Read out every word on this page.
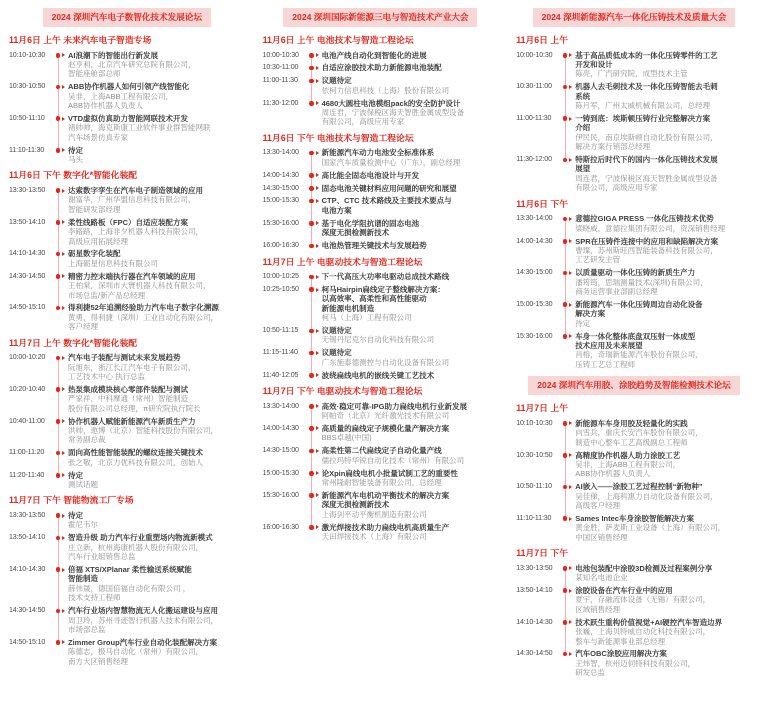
2024 深圳汽车电子数智化技术发展论坛
11月6日 上午 未来汽车电子智造专场
10:10-10:30	AI浪潮下的智能出行新发展
赵亨利，北京汽车研究总院有限公司，
智能座舱部总师
10:30-10:50	ABB协作机器人如何引领产线智能化
吴非，上海ABB工程有限公司，
ABB协作机器人负责人
10:50-11:10	VTD虚拟仿真助力智能网联技术开发
褚帅帅，海克斯康工业软件事业群智能网联
汽车场景仿真专家
11:10-11:30	待定
马头
11月6日 下午 数字化*智能化装配
13:30-13:50	达索数字孪生在汽车电子制造领域的应用
谢富华，广州华盟信息科技有限公司，
智能研发部经理
13:50-14:10	柔性线路板（FPC）自适应装配方案
李路路，上海非夕机器人科技有限公司，
高级应用拓展经理
14:10-14:30	砺星数字化装配
上海砺星信息科技有限公司
14:30-14:50	精密力控末端执行器在汽车领域的应用
王柏棠，深圳市大寰机器人科技有限公司，
市场总监/新产品总经理
14:50-15:10	得利捷52年追溯经验助力汽车电子数字化溯源
黄勇，得利捷（深圳）工业自动化有限公司，
客户经理
11月7日 上午 数字化*智能化装配
10:00-10:20	汽车电子装配与测试未来发展趋势
阮旭东，浙江长江汽车电子有限公司，
工艺技术中心 执行总监
10:20-10:40	热泵集成模块核心零部件装配与测试
严家祥，中科摩通（常州）智能制造
股份有限公司总经理，π研究院执行院长
10:40-11:00	协作机器人赋能新能源汽车新质生产力
洪帅，遨博（北京）智能科技股份有限公司，
常务副总裁
11:00-11:20	面向高性能智能装配的螺纹连接关键技术
张之敬，北京力优科技有限公司，创始人
11:20-11:40	待定
测试话题
11月7日 下午 智能物流工厂专场
13:30-13:50	待定
霍尼韦尔
13:50-14:10	智造升级 助力汽车行业重塑场内物流新模式
庄立新，杭州海康机器人股份有限公司，
汽车行业组销售总监
14:10-14:30	倍福 XTS/XPlanar 柔性输送系统赋能
智能制造
薛伟晟，德国倍福自动化有限公司 ，
技术支持工程师
14:30-14:50	汽车行业场内智慧物流无人化搬运建设与应用
周卫玲，苏州寻迹智行机器人技术有限公司，
市场部总监
14:50-15:10	Zimmer Group汽车行业自动化装配解决方案
陈德志，极马自动化（常州）有限公司，
南方大区销售经理
2024 深圳国际新能源三电与智造技术产业大会
11月6日 上午 电池技术与智造工程论坛
10:00-10:30	电池产线自动化到智能化的进展
10:30-11:00	自适应涂胶技术助力新能源电池装配
11:00-11:30	议题待定
依柯力信息科技（上海）股份有限公司
11:30-12:00	4680大圆柱电池模组pack的安全防护设计
周连君，宁波保税区海天智胜金属成型设备
有限公司，高级应用专家
11月6日 下午 电池技术与智造工程论坛
13:30-14:00	新能源汽车动力电池安全标准体系
国家汽车质量检测中心（广东），副总经理
14:00-14:30	高比能全固态电池设计与开发
14:30-15:00	固态电池关键材料应用问题的研究和展望
15:00-15:30	CTP、CTC 技术路线及主要技术要点与
电池方案
15:30-16:00	基于电化学阻抗谱的固态电池
深度无损检测新技术
16:00-16:30	电池热管理关键技术与发展趋势
11月7日 上午 电驱动技术与智造工程论坛
10:00-10:25	下一代高压大功率电驱动总成技术路线
10:25-10:50	柯马Hairpin扁线定子整线解决方案：
以高效率、高柔性和高性能驱动
新能源电机制造
柯马（上海）工程有限公司
10:50-11:15	议题待定
无锡丹尼克尔自动化科技有限公司
11:15-11:40	议题待定
广东施泰德测控与自动化设备有限公司
11:40-12:05	波绕扁线电机的嵌线关键工艺技术
11月7日 下午 电驱动技术与智造工程论坛
13:30-14:00	高效·稳定可靠-IPG助力扁线电机行业新发展
阿帕奇（北京）光纤激光技术有限公司
14:00-14:30	高质量的扁线定子规模化量产解决方案
BBS卓越(中国)
14:30-15:00	高柔性第二代扁线定子自动化量产线
儒拉玛特华锐自动化技术（常州）有限公司
15:00-15:30	论Xpin扁线电机小批量试制工艺的重要性
常州隆耐智能装备有限公司，总经理
15:30-16:00	新能源汽车电机动平衡技术的解决方案
深度无损检测新技术
上海剑平动平衡机制造有限公司
16:00-16:30	激光焊接技术助力扁线电机高质量生产
天田焊接技术（上海）有限公司
2024 深圳新能源汽车一体化压铸技术及质量大会
11月6日 上午
10:00-10:30	基于高品质低成本的一体化压铸零件的工艺
开发和设计
陈亮，广汽研究院，成型技术主管
10:30-11:00	机器人去毛刺技术及一体化压铸智能去毛刺
系统
陈月军，广州太威机械有限公司，总经理
11:00-11:30	一铸到底：埃斯顿压铸行业完整解决方案
介绍
伊民民，南京埃斯顿自动化股份有限公司，
解决方案行销部总经理
11:30-12:00	特斯拉后时代下的国内一体化压铸技术发展
展望
周连君，宁波保税区海天智胜金属成型设备
有限公司，高级应用专家
11月6日 下午
13:30-14:00	意德拉GIGA PRESS 一体化压铸技术优势
梁晓威，意德拉集团有限公司，资深销售经理
14:00-14:30	SPR在压铸件连接中的应用和缺陷解决方案
曹璨，苏州斯旺西智能装备科技有限公司，
工艺研发主管
14:30-15:00	以质量驱动一体化压铸的新质生产力
潘筠筠，思瑞测量技术(深圳)有限公司，
商务运营事业部副总经理
15:00-15:30	新能源汽车一体化压铸周边自动化设备
解决方案
待定
15:30-16:00	车身一体化整体底盘双压射一体成型
技术应用及未来展望
肖榕，奇瑞新能源汽车股份有限公司，
压铸工艺总工程师
2024 深圳汽车用胶、涂胶趋势及智能检测技术论坛
11月7日 上午
10:10-10:30	新能源车车身用胶及轻量化的实践
向雪兵，重庆长安汽车股份有限公司，
制造中心整车工艺高级副总工程师
10:30-10:50	高精度协作机器人助力涂胶工艺
吴非，上海ABB工程有限公司，
ABB协作机器人负责人
10:50-11:10	AI嵌入——涂胶工艺过程控制“新物种”
吴佳俤，上海科惠力自动化设备有限公司，
高级客户经理
11:10-11:30	Sames Intec车身涂胶智能解决方案
黄金胜，萨麦斯工业设备（上海）有限公司，
中国区销售经理
11月7日 下午
13:30-13:50	电池包装配中涂胶3D检测及过程案例分享
某知名电池企业
13:50-14:10	涂胶设备在汽车行业中的应用
夏宇，存融流体设备（无锡）有限公司，
区域销售经理
14:10-14:30	技术跃生重构价值视觉+AI硬控汽车智造边界
张巍，上海贝特威自动化科技有限公司，
整车与新能源事业部总经理
14:30-14:50	汽车OBC涂胶应用解决方案
王炜智，杭州迈伺特科技有限公司，
研发总监
